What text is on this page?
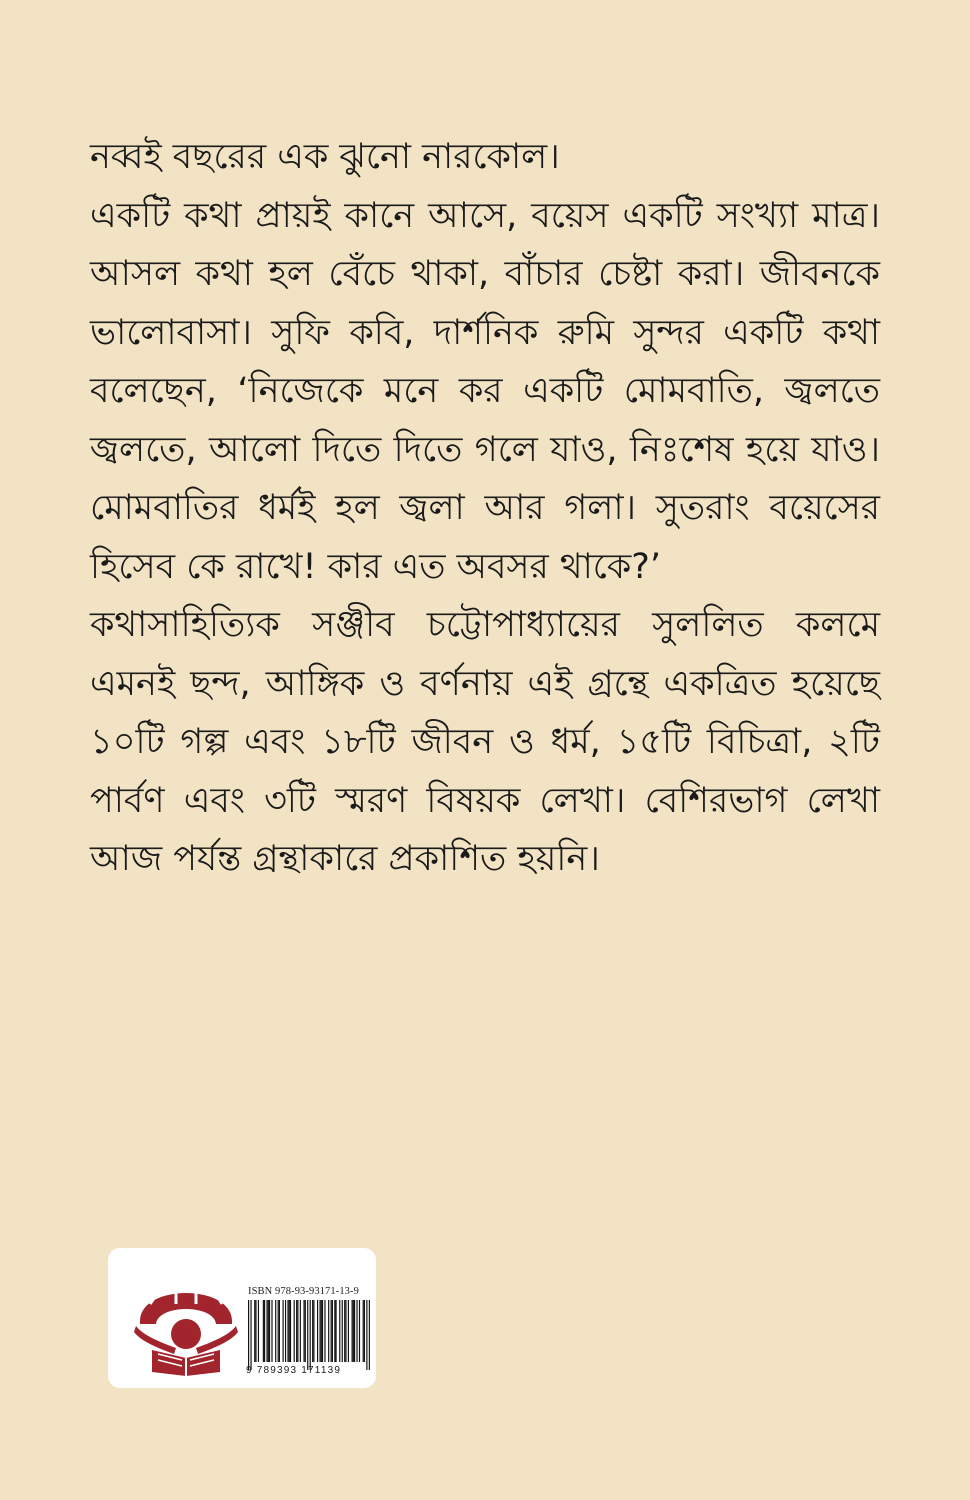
নব্বই বছরের এক ঝুনো নারকোল।

একটি কথা প্রায়ই কানে আসে, বয়েস একটি সংখ্যা মাত্র।
আসল কথা হল বেঁচে থাকা, বাঁচার চেষ্টা করা। জীবনকে
ভালোবাসা। সুফি কবি, দার্শনিক রুমি সুন্দর একটি কথা
বলেছেন, ‘নিজেকে মনে কর একটি মোমবাতি, জ্বলতে
জ্বলতে, আলো দিতে দিতে গলে যাও, নিঃশেষ হয়ে যাও।
মোমবাতির ধর্মই হল জ্বলা আর গলা। সুতরাং বয়েসের
হিসেব কে রাখে! কার এত অবসর থাকে?’

কথাসাহিত্যিক সঞ্জীব চট্টোপাধ্যায়ের সুললিত কলমে
এমনই ছন্দ, আঙ্গিক ও বর্ণনায় এই গ্রন্থে একত্রিত হয়েছে
১০টি গল্প এবং ১৮টি জীবন ও ধর্ম, ১৫টি বিচিত্রা, ২টি
পার্বণ এবং ৩টি স্মরণ বিষয়ক লেখা। বেশিরভাগ লেখা
আজ পর্যন্ত গ্রন্থাকারে প্রকাশিত হয়নি।

ISBN 978-93-93171-13-9
9 789393 171139
